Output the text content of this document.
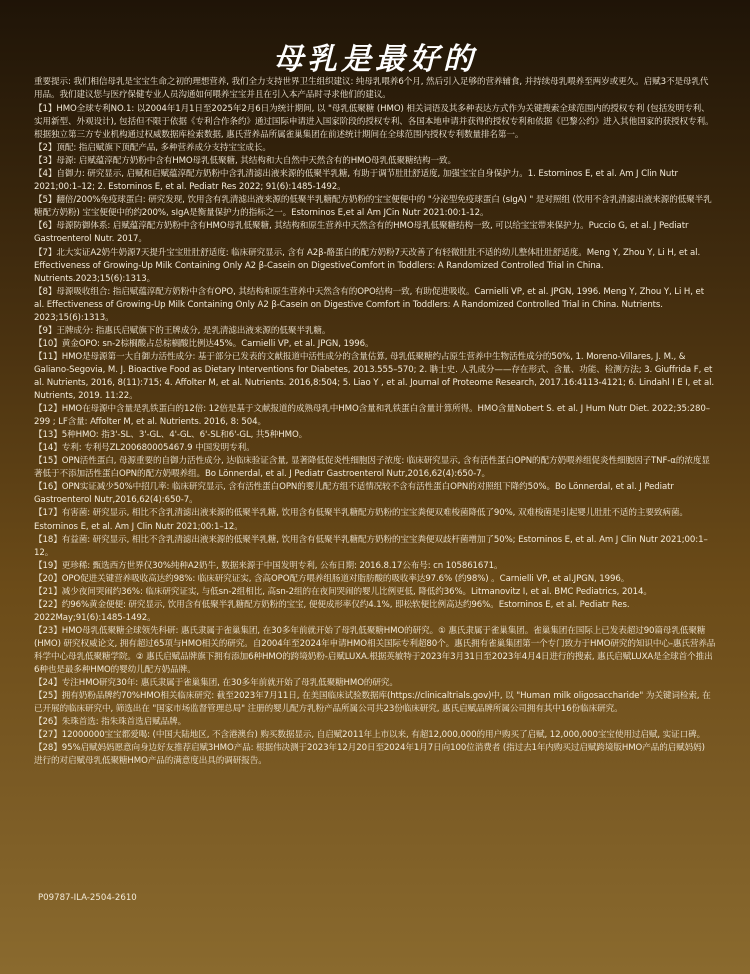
母乳是最好的
重要提示: 我们相信母乳是宝宝生命之初的理想营养, 我们全力支持世界卫生组织建议: 纯母乳喂养6个月, 然后引入足够的营养辅食, 并持续母乳喂养至两岁或更久。启赋3不是母乳代用品。我们建议您与医疗保健专业人员沟通如何喂养宝宝并且在引入本产品时寻求他们的建议。

【1】HMO全球专利NO.1: 以2004年1月1日至2025年2月6日为统计期间, 以 "母乳低聚糖 (HMO) 相关词语及其多种表达方式作为关键搜索全球范围内的授权专利 (包括发明专利、实用新型、外观设计), 包括但不限于依据《专利合作条约》通过国际申请进入国家阶段的授权专利、各国本地申请并获得的授权专利和依据《巴黎公约》进入其他国家的获授权专利。根据独立第三方专业机构通过权威数据库检索数据, 惠氏营养品所属雀巢集团在前述统计期间在全球范围内授权专利数量排名第一。

【2】顶配: 指启赋旗下顶配产品, 多种营养成分支持宝宝成长。

【3】母源: 启赋蕴淳配方奶粉中含有HMO母乳低聚糖, 其结构和大自然中天然含有的HMO母乳低聚糖结构一致。

【4】自御力: 研究显示, 启赋和启赋蕴淳配方奶粉中含乳清滤出液来源的低聚半乳糖, 有助于调节肚肚舒适度, 加强宝宝自身保护力。1. Estorninos E, et al. Am J Clin Nutr 2021;00:1–12; 2. Estorninos E, et al. Pediatr Res 2022; 91(6):1485-1492。

【5】翻倍/200%免疫球蛋白: 研究发现, 饮用含有乳清滤出液来源的低聚半乳糖配方奶粉的宝宝便便中的 "分泌型免疫球蛋白 (sIgA) " 是对照组 (饮用不含乳清滤出液来源的低聚半乳糖配方奶粉) 宝宝便便中的约200%, sIgA是衡量保护力的指标之一。Estorninos E,et al Am JCin Nutr 2021:00:1-12。

【6】母源防御体系: 启赋蕴淳配方奶粉中含有HMO母乳低聚糖, 其结构和原生营养中天然含有的HMO母乳低聚糖结构一致, 可以给宝宝带来保护力。Puccio G, et al. J Pediatr Gastroenterol Nutr. 2017。

【7】北大实证A2奶牛奶源7天提升宝宝肚肚舒适度: 临床研究显示, 含有 A2β-酪蛋白的配方奶粉7天改善了有轻微肚肚不适的幼儿整体肚肚舒适度。Meng Y, Zhou Y, Li H, et al. Effectiveness of Growing-Up Milk Containing Only A2 β-Casein on DigestiveComfort in Toddlers: A Randomized Controlled Trial in China. Nutrients.2023;15(6):1313。

【8】母源吸收组合: 指启赋蕴淳配方奶粉中含有OPO, 其结构和原生营养中天然含有的OPO结构一致, 有助促进吸收。Carnielli VP, et al. JPGN, 1996. Meng Y, Zhou Y, Li H, et al. Effectiveness of Growing-Up Milk Containing Only A2 β-Casein on Digestive Comfort in Toddlers: A Randomized Controlled Trial in China. Nutrients. 2023;15(6):1313。

【9】王牌成分: 指惠氏启赋旗下的王牌成分, 是乳清滤出液来源的低聚半乳糖。

【10】黄金OPO: sn-2棕榈酸占总棕榈酸比例达45%。Carnielli VP, et al. JPGN, 1996。

【11】HMO是母源第一大自御力活性成分: 基于部分已发表的文献报道中活性成分的含量估算, 母乳低聚糖约占原生营养中生物活性成分的50%, 1. Moreno-Villares, J. M., & Galiano-Segovia, M. J. Bioactive Food as Dietary Interventions for Diabetes, 2013.555–570; 2. 聃士史. 人乳成分——存在形式、含量、功能、检测方法; 3. Giuffrida F, et al. Nutrients, 2016, 8(11):715; 4. Affolter M, et al. Nutrients. 2016,8:504; 5. Liao Y , et al. Journal of Proteome Research, 2017.16:4113-4121; 6. Lindahl I E I, et al. Nutrients, 2019. 11:22。

【12】HMO在母源中含量是乳铁蛋白的12倍: 12倍是基于文献报道的成熟母乳中HMO含量和乳铁蛋白含量计算所得。HMO含量Nobert S. et al. J Hum Nutr Diet. 2022;35:280–299 ; LF含量: Affolter M, et al. Nutrients. 2016, 8: 504。

【13】5种HMO: 指3'-SL、3'-GL、4'-GL、6'-SL和6'-GL, 共5种HMO。

【14】专利: 专利号ZL200680005467.9 中国发明专利。

【15】OPN活性蛋白, 母源重要的自御力活性成分, 达临床验证含量, 显著降低促炎性细胞因子浓度: 临床研究显示, 含有活性蛋白OPN的配方奶喂养组促炎性细胞因子TNF-α的浓度显著低于不添加活性蛋白OPN的配方奶喂养组。Bo Lönnerdal, et al. J Pediatr Gastroenterol Nutr,2016,62(4):650-7。

【16】OPN实证减少50%中招几率: 临床研究显示, 含有活性蛋白OPN的婴儿配方组不适情况较不含有活性蛋白OPN的对照组下降约50%。Bo Lönnerdal, et al. J Pediatr Gastroenterol Nutr,2016,62(4):650-7。

【17】有害菌: 研究显示, 相比不含乳清滤出液来源的低聚半乳糖, 饮用含有低聚半乳糖配方奶粉的宝宝粪便双难梭菌降低了90%, 双难梭菌是引起婴儿肚肚不适的主要致病菌。Estorninos E, et al. Am J Clin Nutr 2021;00:1–12。

【18】有益菌: 研究显示, 相比不含乳清滤出液来源的低聚半乳糖, 饮用含有低聚半乳糖配方奶粉的宝宝粪便双歧杆菌增加了50%; Estorninos E, et al. Am J Clin Nutr 2021;00:1–12。

【19】更珍稀: 甄选西方世界仅30%纯种A2奶牛, 数据来源于中国发明专利, 公布日期: 2016.8.17公布号: cn 105861671。

【20】OPO促进关键营养吸收高达约98%: 临床研究证实, 含高OPO配方喂养组肠道对脂肪酸的吸收率达97.6% (约98%) 。Carnielli VP, et al.JPGN, 1996。

【21】减少夜间哭闹约36%: 临床研究证实, 与低sn-2组相比, 高sn-2组的在夜间哭闹的婴儿比例更低, 降低约36%。Litmanovitz I, et al. BMC Pediatrics, 2014。

【22】约96%黄金便便: 研究显示, 饮用含有低聚半乳糖配方奶粉的宝宝, 便便成形率仅约4.1%, 即松软便比例高达约96%。Estorninos E, et al. Pediatr Res. 2022May;91(6):1485-1492。

【23】HMO母乳低聚糖全球领先科研: 惠氏隶属于雀巢集团, 在30多年前就开始了母乳低聚糖HMO的研究。① 惠氏隶属于雀巢集团。雀巢集团在国际上已发表超过90篇母乳低聚糖 (HMO) 研究权威论文, 拥有超过65项与HMO相关的研究。自2004年至2024年申请HMO相关国际专利超80个。惠氏拥有雀巢集团第一个专门致力于HMO研究的知识中心-惠氏营养品科学中心母乳低聚糖学院。② 惠氏启赋品牌旗下拥有添加6种HMO的跨境奶粉-启赋LUXA.根据英敏特于2023年3月31日至2023年4月4日进行的搜索, 惠氏启赋LUXA是全球首个推出6种也是最多种HMO的婴幼儿配方奶品牌。

【24】专注HMO研究30年: 惠氏隶属于雀巢集团, 在30多年前就开始了母乳低聚糖HMO的研究。

【25】拥有奶粉品牌约70%HMO相关临床研究: 截至2023年7月11日, 在美国临床试验数据库(https://clinicaltrials.gov)中, 以 "Human milk oligosaccharide" 为关键词检索, 在已开展的临床研究中, 筛选出在 "国家市场监督管理总局" 注册的婴儿配方乳粉产品所属公司共23份临床研究, 惠氏启赋品牌所属公司拥有其中16份临床研究。

【26】朱珠首选: 指朱珠首选启赋品牌。

【27】12000000宝宝都爱喝: (中国大陆地区, 不含港澳台) 购买数据显示, 自启赋2011年上市以来, 有超12,000,000的用户购买了启赋, 12,000,000宝宝使用过启赋, 实证口碑。

【28】95%启赋妈妈愿意向身边好友推荐启赋3HMO产品: 根据伟决测于2023年12月20日至2024年1月7日向100位消费者 (指过去1年内购买过启赋跨境版HMO产品的启赋妈妈) 进行的对启赋母乳低聚糖HMO产品的满意度出具的调研报告。

P09787-ILA-2504-2610
